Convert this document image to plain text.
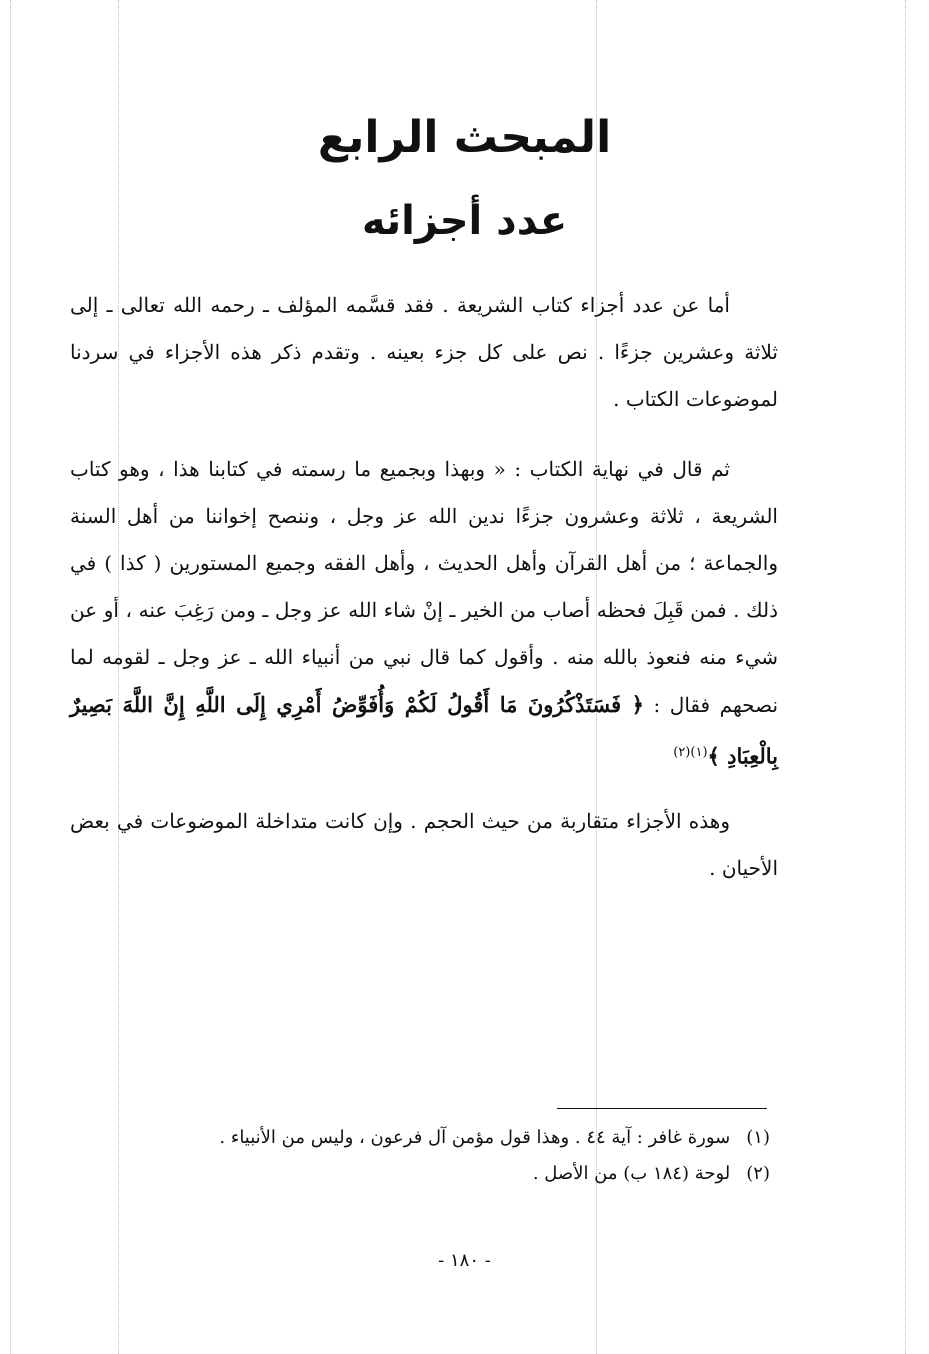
المبحث الرابع
عدد أجزائه
أما عن عدد أجزاء كتاب الشريعة . فقد قسَّمه المؤلف ـ رحمه الله تعالى ـ إلى ثلاثة وعشرين جزءًا . نص على كل جزء بعينه . وتقدم ذكر هذه الأجزاء في سردنا لموضوعات الكتاب .
ثم قال في نهاية الكتاب : « وبهذا وبجميع ما رسمته في كتابنا هذا ، وهو كتاب الشريعة ، ثلاثة وعشرون جزءًا ندين الله عز وجل ، وننصح إخواننا من أهل السنة والجماعة ؛ من أهل القرآن وأهل الحديث ، وأهل الفقه وجميع المستورين ( كذا ) في ذلك . فمن قَبِلَ فحظه أصاب من الخير ـ إنْ شاء الله عز وجل ـ ومن رَغِبَ عنه ، أو عن شيء منه فنعوذ بالله منه . وأقول كما قال نبي من أنبياء الله ـ عز وجل ـ لقومه لما نصحهم فقال : ﴿ فَسَتَذْكُرُونَ مَا أَقُولُ لَكُمْ وَأُفَوِّضُ أَمْرِي إِلَى اللَّهِ إِنَّ اللَّهَ بَصِيرٌ بِالْعِبَادِ ﴾$^{(١)(٢)}$
وهذه الأجزاء متقاربة من حيث الحجم . وإن كانت متداخلة الموضوعات في بعض الأحيان .
(١) سورة غافر : آية ٤٤ . وهذا قول مؤمن آل فرعون ، وليس من الأنبياء .
(٢) لوحة (١٨٤ ب) من الأصل .
- ١٨٠ -
